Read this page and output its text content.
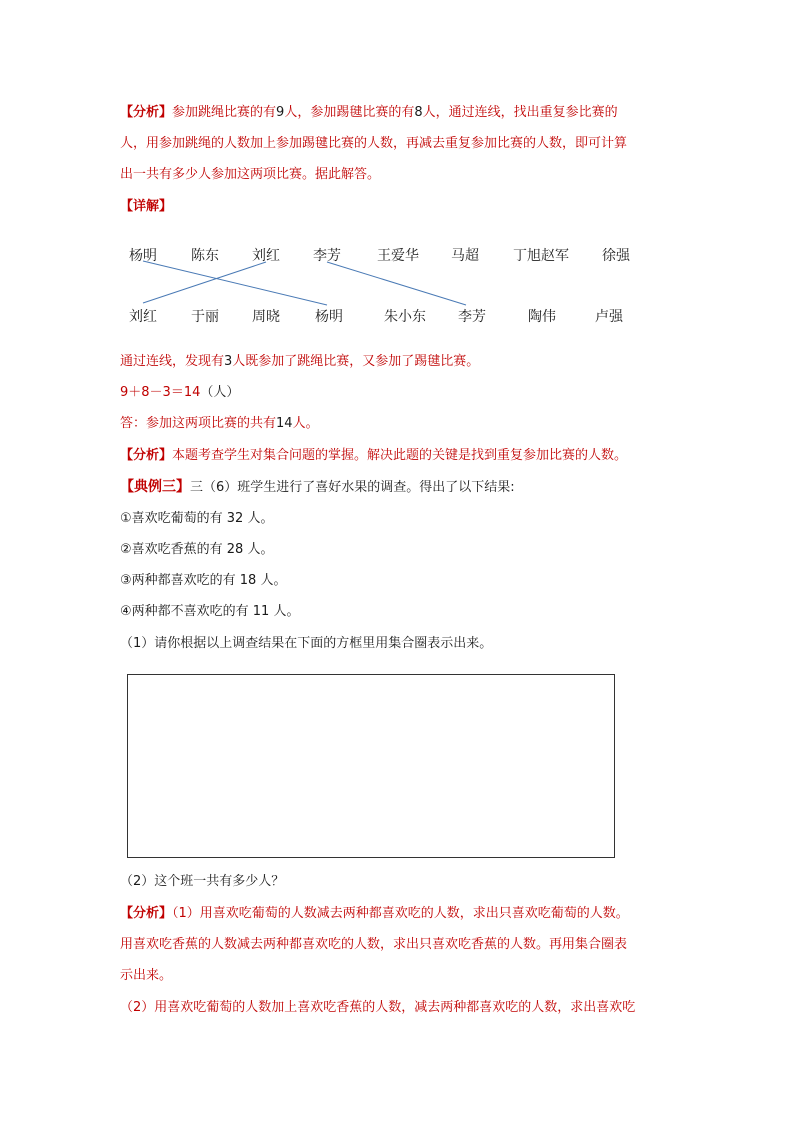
【分析】参加跳绳比赛的有9人，参加踢毽比赛的有8人，通过连线，找出重复参比赛的
人，用参加跳绳的人数加上参加踢毽比赛的人数，再减去重复参加比赛的人数，即可计算
出一共有多少人参加这两项比赛。据此解答。
【详解】
杨明 陈东 刘红 李芳	王爱华 马超 丁旭赵军 徐强
刘红 于丽 周晓	杨明	朱小东 李芳	陶伟	卢强
通过连线，发现有3人既参加了跳绳比赛，又参加了踢毽比赛。
9＋8－3＝14（人）
答：参加这两项比赛的共有14人。
【分析】本题考查学生对集合问题的掌握。解决此题的关键是找到重复参加比赛的人数。
【典例三】三（6）班学生进行了喜好水果的调查。得出了以下结果:
①喜欢吃葡萄的有 32 人。
②喜欢吃香蕉的有 28 人。
③两种都喜欢吃的有 18 人。
④两种都不喜欢吃的有 11 人。
（1）请你根据以上调查结果在下面的方框里用集合圈表示出来。
（2）这个班一共有多少人？
【分析】（1）用喜欢吃葡萄的人数减去两种都喜欢吃的人数，求出只喜欢吃葡萄的人数。
用喜欢吃香蕉的人数减去两种都喜欢吃的人数，求出只喜欢吃香蕉的人数。再用集合圈表
示出来。
（2）用喜欢吃葡萄的人数加上喜欢吃香蕉的人数，减去两种都喜欢吃的人数，求出喜欢吃
